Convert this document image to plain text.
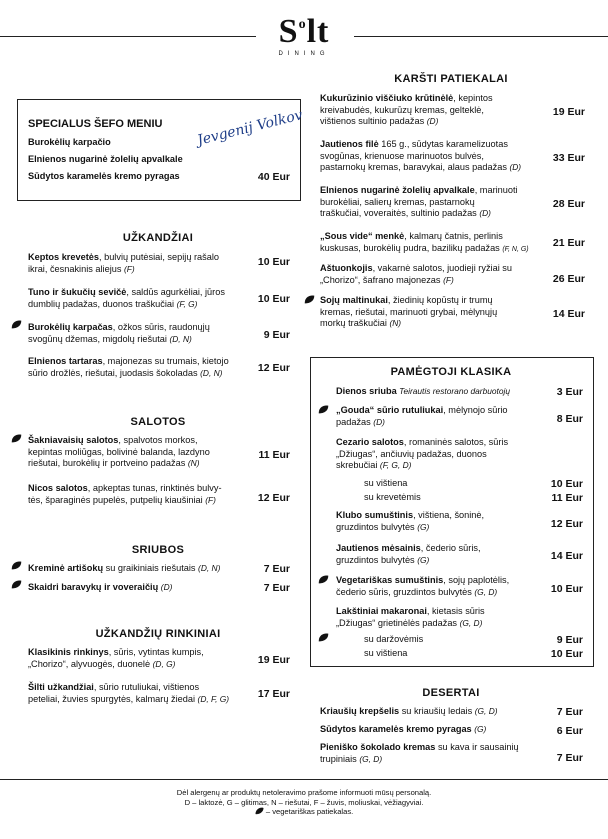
$S^olt$
DINING
SPECIALUS ŠEFO MENIU Jevgenij Volkov
Burokėlių karpačio
Elnienos nugarinė žolelių apvalkale
Sūdytos karamelės kremo pyragas	40 Eur
UŽKANDŽIAI
Keptos krevetės, bulvių putėsiai, sepijų rašalo
ikrai, česnakinis aliejus (F)
10 Eur
Tuno ir šukučių sevičė, saldūs agurkėliai, jūros
dumblių padažas, duonos traškučiai (F, G)	10 Eur
Burokėlių karpačas, ožkos sūris, raudonųjų
svogūnų džemas, migdolų riešutai (D, N)	9 Eur
Elnienos tartaras, majonezas su trumais, kietojo
sūrio drožlės, riešutai, juodasis šokoladas (D, N)	12 Eur
SALOTOS
Šakniavaisių salotos, spalvotos morkos,
kepintas moliūgas, bolivinė balanda, lazdyno
riešutai, burokėlių ir portveino padažas (N)
11 Eur
Nicos salotos, apkeptas tunas, rinktinės bulvy-
tės, šparaginės pupelės, putpelių kiaušiniai (F)	12 Eur
SRIUBOS
Kreminė artišokų su graikiniais riešutais (D, N)	7 Eur
Skaidri baravykų ir voveraičių (D)	7 Eur
UŽKANDŽIŲ RINKINIAI
Klasikinis rinkinys, sūris, vytintas kumpis,
„Chorizo“, alyvuogės, duonelė (D, G)	19 Eur
Šilti užkandžiai, sūrio rutuliukai, vištienos
peteliai, žuvies spurgytės, kalmarų žiedai (D, F, G)	17 Eur
KARŠTI PATIEKALAI
Kukurūzinio viščiuko krūtinėlė, kepintos
kreivabudės, kukurūzų kremas, gelteklė,
vištienos sultinio padažas (D)
19 Eur
Jautienos filė 165 g., sūdytas karamelizuotas
svogūnas, krienuose marinuotos bulvės,
pastarnokų kremas, baravykai, alaus padažas (D)
33 Eur
Elnienos nugarinė žolelių apvalkale, marinuoti
burokėliai, salierų kremas, pastarnokų
traškučiai, voveraitės, sultinio padažas (D)
28 Eur
„Sous vide“ menkė, kalmarų čatnis, perlinis
kuskusas, burokėlių pudra, bazilikų padažas (F, N, G)
21 Eur
Aštuonkojis, vakarnė salotos, juodieji ryžiai su
„Chorizo“, šafrano majonezas (F)	26 Eur
Sojų maltinukai, žiedinių kopūstų ir trumų
kremas, riešutai, marinuoti grybai, mėlynųjų
morkų traškučiai (N)
14 Eur
PAMĖGTOJI KLASIKA
Dienos sriuba Teirautis restorano darbuotojų	3 Eur
„Gouda“ sūrio rutuliukai, mėlynojo sūrio
padažas (D)	8 Eur
Cezario salotos, romaninės salotos, sūris
„Džiugas“, ančiuvių padažas, duonos
skrebučiai (F, G, D)
su vištiena	10 Eur
su krevetėmis	11 Eur
Klubo sumuštinis, vištiena, šoninė,
gruzdintos bulvytės (G)	12 Eur
Jautienos mėsainis, čederio sūris,
gruzdintos bulvytės (G)	14 Eur
Vegetariškas sumuštinis, sojų paplotėlis,
čederio sūris, gruzdintos bulvytės (G, D)	10 Eur
Lakštiniai makaronai, kietasis sūris
„Džiugas“ grietinėlės padažas (G, D)
su daržovėmis	9 Eur
su vištiena	10 Eur
DESERTAI
Kriaušių krepšelis su kriaušių ledais (G, D)	7 Eur
Sūdytos karamelės kremo pyragas (G)	6 Eur
Pieniško šokolado kremas su kava ir sausainių
trupiniais (G, D)	7 Eur
Dėl alergenų ar produktų netoleravimo prašome informuoti mūsų personalą.
D – laktozė, G – glitimas, N – riešutai, F – žuvis, moliuskai, vėžiagyviai.
– vegetariškas patiekalas.
